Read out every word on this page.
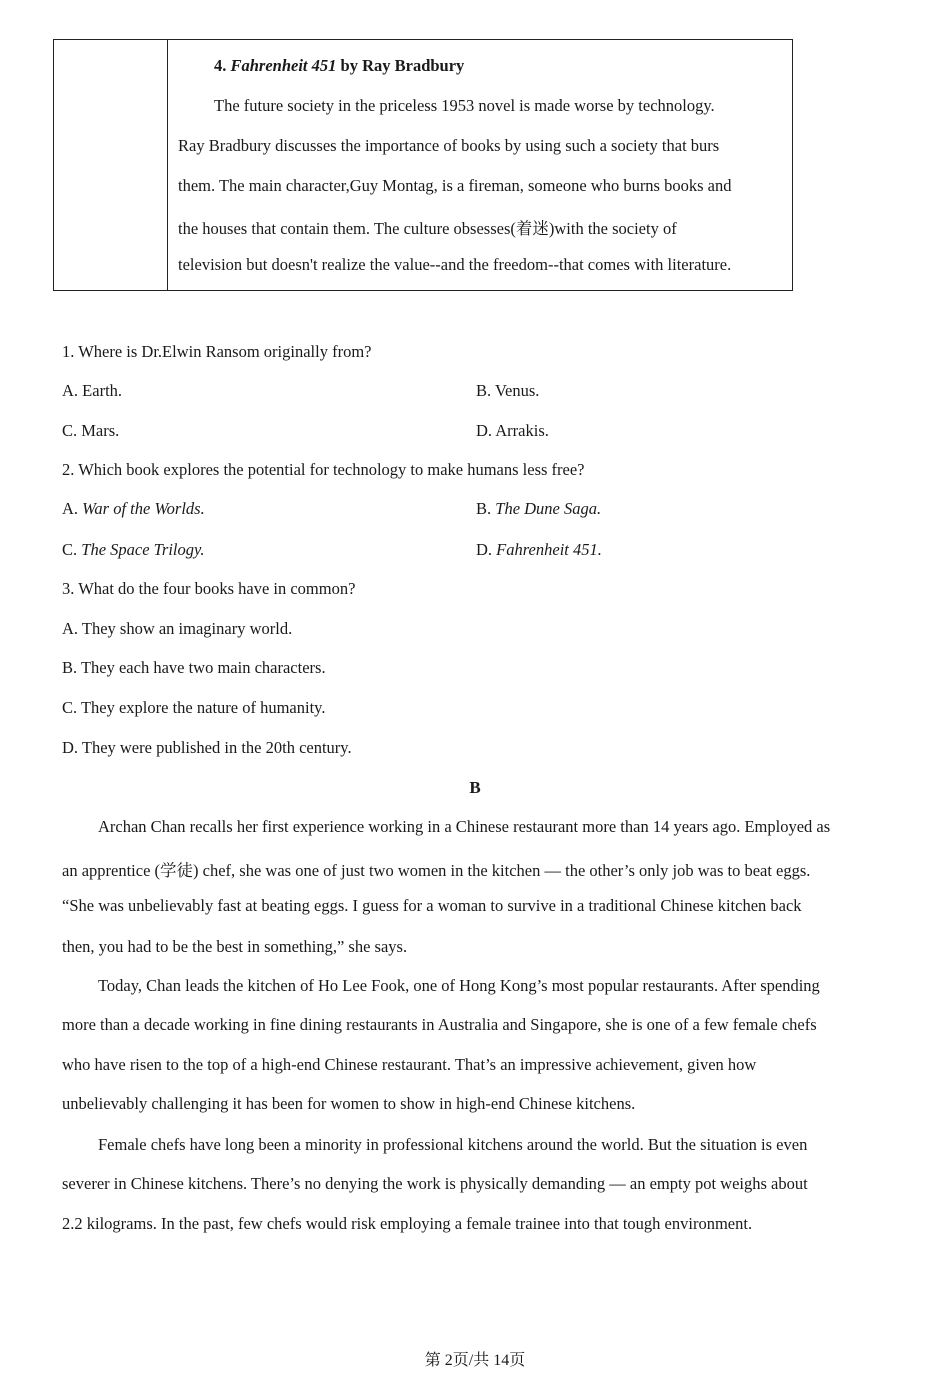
4. Fahrenheit 451 by Ray Bradbury
The future society in the priceless 1953 novel is made worse by technology.
Ray Bradbury discusses the importance of books by using such a society that burs
them. The main character,Guy Montag, is a fireman, someone who burns books and
the houses that contain them. The culture obsesses(着迷)with the society of
television but doesn't realize the value--and the freedom--that comes with literature.
1. Where is Dr.Elwin Ransom originally from?
A. Earth.	B. Venus.
C. Mars.	D. Arrakis.
2. Which book explores the potential for technology to make humans less free?
A. War of the Worlds.	B. The Dune Saga.
C. The Space Trilogy.	D. Fahrenheit 451.
3. What do the four books have in common?
A. They show an imaginary world.
B. They each have two main characters.
C. They explore the nature of humanity.
D. They were published in the 20th century.
B
Archan Chan recalls her first experience working in a Chinese restaurant more than 14 years ago. Employed as
an apprentice (学徒) chef, she was one of just two women in the kitchen — the other’s only job was to beat eggs.
“She was unbelievably fast at beating eggs. I guess for a woman to survive in a traditional Chinese kitchen back
then, you had to be the best in something,” she says.
Today, Chan leads the kitchen of Ho Lee Fook, one of Hong Kong’s most popular restaurants. After spending
more than a decade working in fine dining restaurants in Australia and Singapore, she is one of a few female chefs
who have risen to the top of a high-end Chinese restaurant. That’s an impressive achievement, given how
unbelievably challenging it has been for women to show in high-end Chinese kitchens.
Female chefs have long been a minority in professional kitchens around the world. But the situation is even
severer in Chinese kitchens. There’s no denying the work is physically demanding — an empty pot weighs about
2.2 kilograms. In the past, few chefs would risk employing a female trainee into that tough environment.
第 2页/共 14页
